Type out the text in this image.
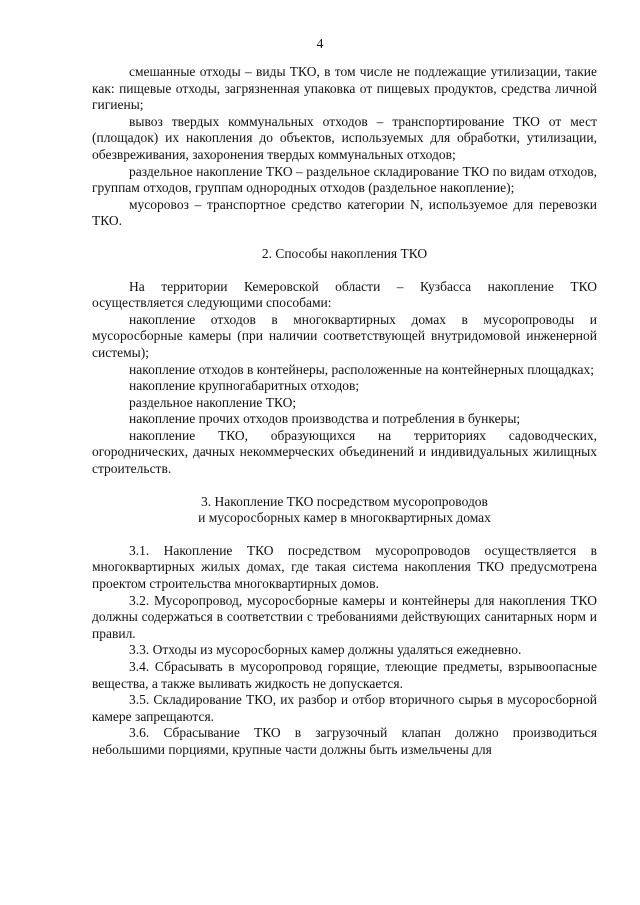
4

смешанные отходы – виды ТКО, в том числе не подлежащие утилизации, такие как: пищевые отходы, загрязненная упаковка от пищевых продуктов, средства личной гигиены;

вывоз твердых коммунальных отходов – транспортирование ТКО от мест (площадок) их накопления до объектов, используемых для обработки, утилизации, обезвреживания, захоронения твердых коммунальных отходов;

раздельное накопление ТКО – раздельное складирование ТКО по видам отходов, группам отходов, группам однородных отходов (раздельное накопление);

мусоровоз – транспортное средство категории N, используемое для перевозки ТКО.

2. Способы накопления ТКО

На территории Кемеровской области – Кузбасса накопление ТКО осуществляется следующими способами:

накопление отходов в многоквартирных домах в мусоропроводы и мусоросборные камеры (при наличии соответствующей внутридомовой инженерной системы);

накопление отходов в контейнеры, расположенные на контейнерных площадках;

накопление крупногабаритных отходов;

раздельное накопление ТКО;

накопление прочих отходов производства и потребления в бункеры;

накопление ТКО, образующихся на территориях садоводческих, огороднических, дачных некоммерческих объединений и индивидуальных жилищных строительств.

3. Накопление ТКО посредством мусоропроводов
и мусоросборных камер в многоквартирных домах

3.1. Накопление ТКО посредством мусоропроводов осуществляется в многоквартирных жилых домах, где такая система накопления ТКО предусмотрена проектом строительства многоквартирных домов.

3.2. Мусоропровод, мусоросборные камеры и контейнеры для накопления ТКО должны содержаться в соответствии с требованиями действующих санитарных норм и правил.

3.3. Отходы из мусоросборных камер должны удаляться ежедневно.

3.4. Сбрасывать в мусоропровод горящие, тлеющие предметы, взрывоопасные вещества, а также выливать жидкость не допускается.

3.5. Складирование ТКО, их разбор и отбор вторичного сырья в мусоросборной камере запрещаются.

3.6. Сбрасывание ТКО в загрузочный клапан должно производиться небольшими порциями, крупные части должны быть измельчены для
